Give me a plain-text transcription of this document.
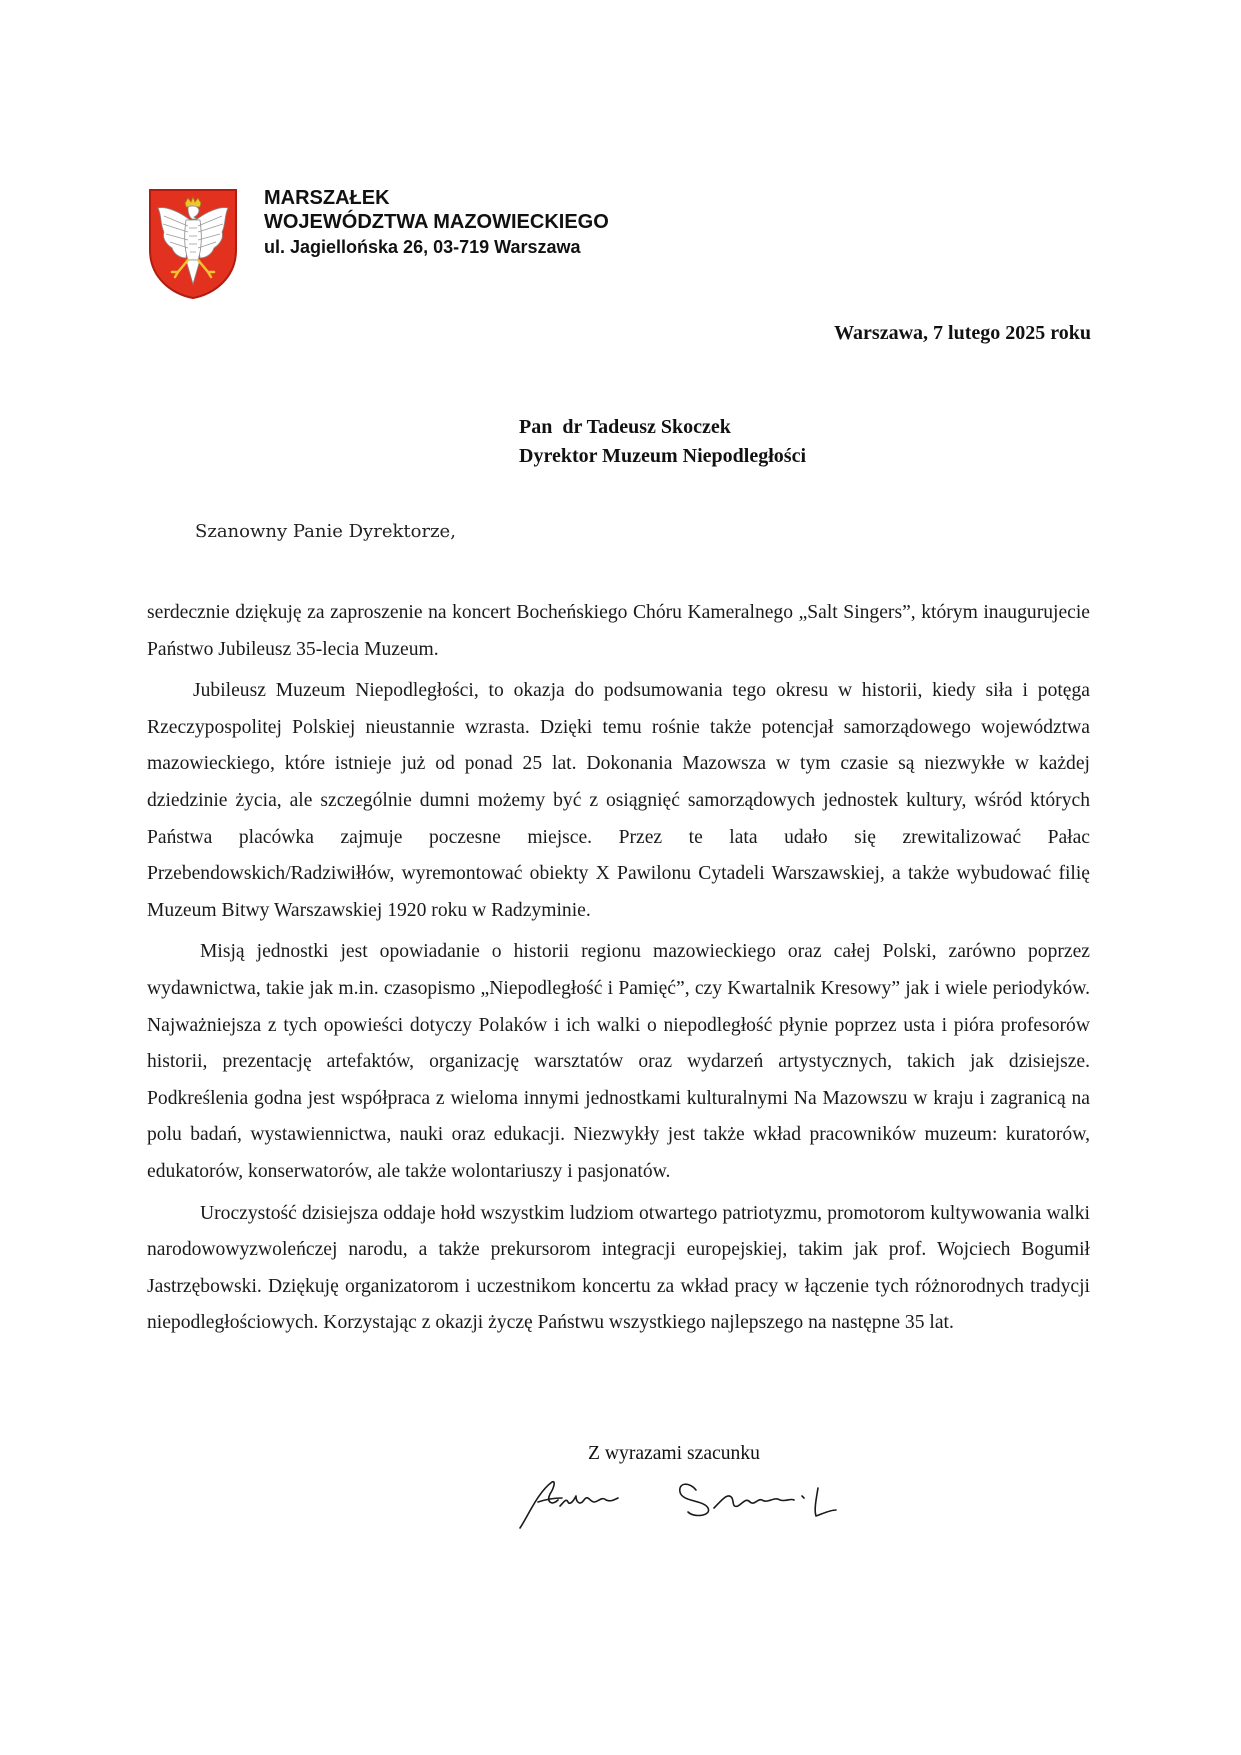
MARSZAŁEK
WOJEWÓDZTWA MAZOWIECKIEGO
ul. Jagiellońska 26, 03-719 Warszawa
Warszawa, 7 lutego 2025 roku
Pan  dr Tadeusz Skoczek
Dyrektor Muzeum Niepodległości
Szanowny Panie Dyrektorze,

serdecznie dziękuję za zaproszenie na koncert Bocheńskiego Chóru Kameralnego „Salt Singers”, którym inaugurujecie Państwo Jubileusz 35-lecia Muzeum.

Jubileusz Muzeum Niepodległości, to okazja do podsumowania tego okresu w historii, kiedy siła i potęga Rzeczypospolitej Polskiej nieustannie wzrasta. Dzięki temu rośnie także potencjał samorządowego województwa mazowieckiego, które istnieje już od ponad 25 lat. Dokonania Mazowsza w tym czasie są niezwykłe w każdej dziedzinie życia, ale szczególnie dumni możemy być z osiągnięć samorządowych jednostek kultury, wśród których Państwa placówka zajmuje poczesne miejsce. Przez te lata udało się zrewitalizować Pałac Przebendowskich/Radziwiłłów, wyremontować obiekty X Pawilonu Cytadeli Warszawskiej, a także wybudować filię Muzeum Bitwy Warszawskiej 1920 roku w Radzyminie.

Misją jednostki jest opowiadanie o historii regionu mazowieckiego oraz całej Polski, zarówno poprzez wydawnictwa, takie jak m.in. czasopismo „Niepodległość i Pamięć”, czy Kwartalnik Kresowy” jak i wiele periodyków. Najważniejsza z tych opowieści dotyczy Polaków i ich walki o niepodległość płynie poprzez usta i pióra profesorów historii, prezentację artefaktów, organizację warsztatów oraz wydarzeń artystycznych, takich jak dzisiejsze. Podkreślenia godna jest współpraca z wieloma innymi jednostkami kulturalnymi Na Mazowszu w kraju i zagranicą na polu badań, wystawiennictwa, nauki oraz edukacji. Niezwykły jest także wkład pracowników muzeum: kuratorów, edukatorów, konserwatorów, ale także wolontariuszy i pasjonatów.

Uroczystość dzisiejsza oddaje hołd wszystkim ludziom otwartego patriotyzmu, promotorom kultywowania walki narodowowyzwoleńczej narodu, a także prekursorom integracji europejskiej, takim jak prof. Wojciech Bogumił Jastrzębowski. Dziękuję organizatorom i uczestnikom koncertu za wkład pracy w łączenie tych różnorodnych tradycji niepodległościowych. Korzystając z okazji życzę Państwu wszystkiego najlepszego na następne 35 lat.

Z wyrazami szacunku
